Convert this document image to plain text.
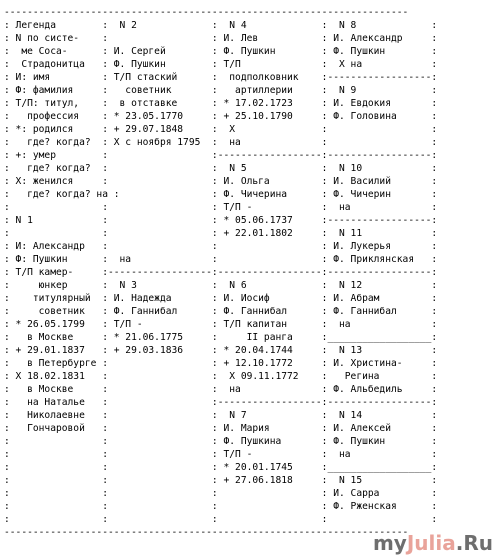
----------------------------------------------------------------------
: Легенда        :  N 2             :  N 4             :  N 8             :
: N по систе-    :                  : И. Лев           : И. Александр     :
:  ме Соса-      : И. Сергей        : Ф. Пушкин        : Ф. Пушкин        :
:  Страдонитца   : Ф. Пушкин        : Т/П              :  Х на            :
: И: имя         : Т/П стаский      :  подполковник    :------------------:
: Ф: фамилия     :   советник       :   артиллерии     :  N 9             :
: Т/П: титул,    :  в отставке      : * 17.02.1723     : И. Евдокия       :
:   профессия    : * 23.05.1770     : + 25.10.1790     : Ф. Головина      :
: *: родился     : + 29.07.1848     :  Х               :                  :
:   где? когда?  : Х с ноября 1795  :  на              :                  :
: +: умер        :                  :------------------:------------------:
:   где? когда?  :                  :  N 5             :  N 10            :
: Х: женился     :                  : И. Ольга         : И. Василий       :
:   где? когда? на :                : Ф. Чичерина      : Ф. Чичерин       :
:                :                  : Т/П -            :  на              :
: N 1            :                  : * 05.06.1737     :------------------:
:                :                  : + 22.01.1802     :  N 11            :
: И: Александр   :                  :                  : И. Лукерья       :
: Ф: Пушкин      :  на              :                  : Ф. Приклянская   :
: Т/П камер-     :------------------:------------------:------------------:
:     юнкер      :  N 3             :  N 6             :  N 12            :
:    титулярный  : И. Надежда       : И. Иосиф         : И. Абрам         :
:     советник   : Ф. Ганнибал      : Ф. Ганнибал      : Ф. Ганнибал      :
: * 26.05.1799   : Т/П -            : Т/П капитан      :  на              :
:   в Москве     : * 21.06.1775     :     II ранга     :__________________:
: + 29.01.1837   : + 29.03.1836     : * 20.04.1744     :  N 13            :
:   в Петербурге :                  : + 12.10.1772     : И. Христина-     :
: Х 18.02.1831   :                  :  Х 09.11.1772    :   Регина         :
:   в Москве     :                  :  на              : Ф. Альбедиль     :
:   на Наталье   :                  :------------------:------------------:
:   Николаевне   :                  :  N 7             :  N 14            :
:   Гончаровой   :                  : И. Мария         : И. Алексей       :
:                :                  : Ф. Пушкина       : Ф. Пушкин        :
:                :                  : Т/П -            :  на              :
:                :                  : * 20.01.1745     :__________________:
:                :                  : + 27.06.1818     :  N 15            :
:                :                  :                  : И. Сарра         :
:                :                  :                  : Ф. Рженская      :
:                :                  :                  :                  :
----------------------------------------------------------------------
myJulia.Ru
